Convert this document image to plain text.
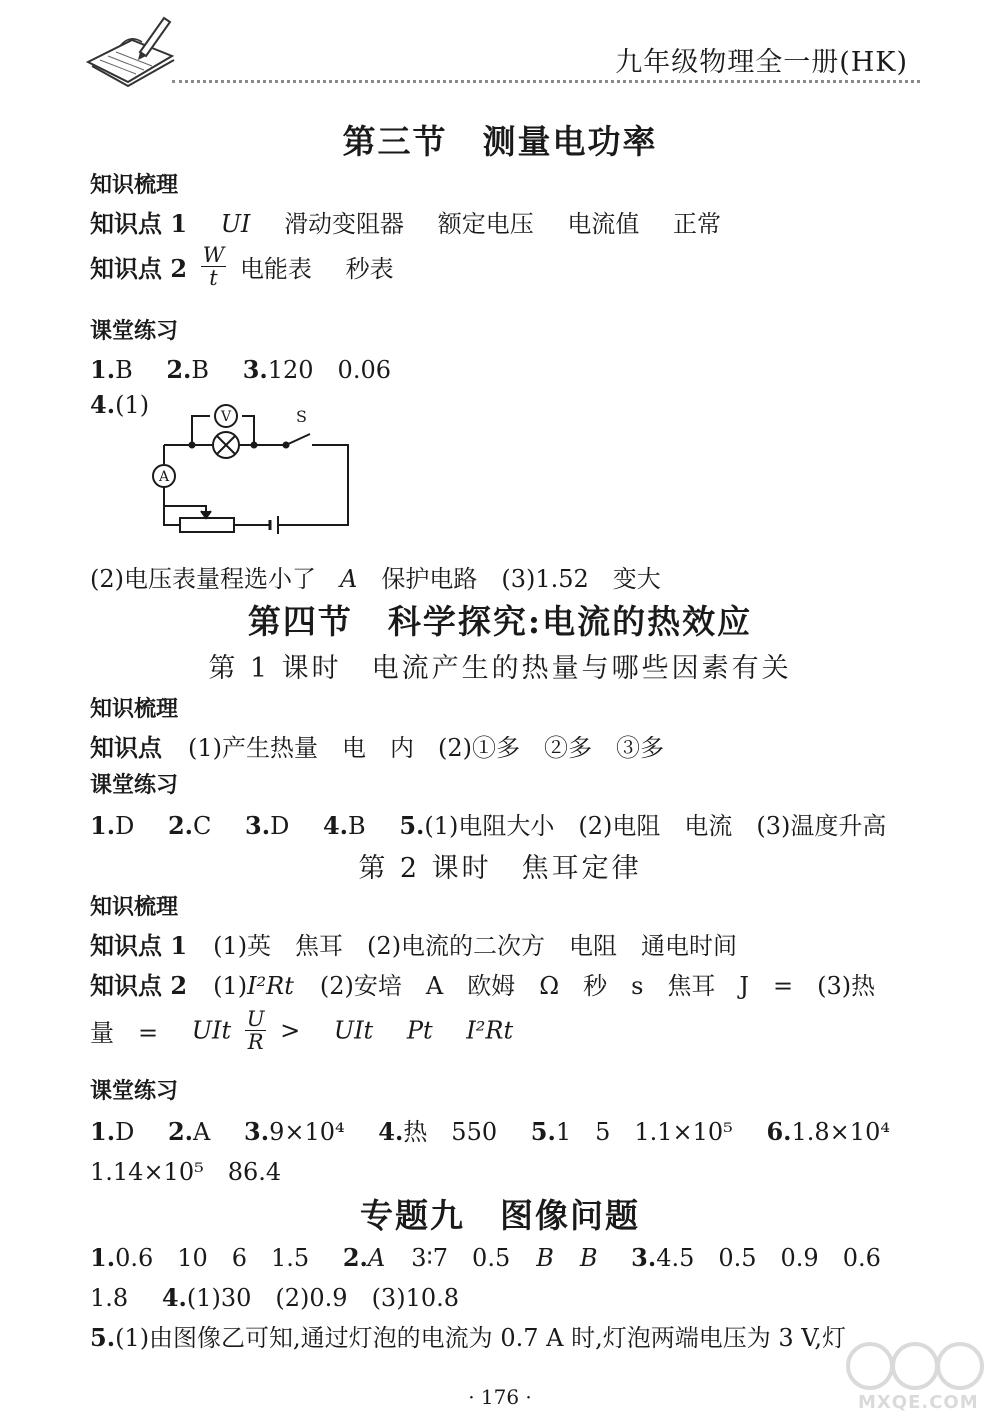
九年级物理全一册(HK)
第三节　测量电功率
知识梳理
知识点 1 UI 滑动变阻器 额定电压 电流值 正常
知识点 $2 \frac{W}{t}$ 电能表 秒表
课堂练习
1.B 2.B 3.120　0.06
4.(1)	V
A
S
(2)电压表量程选小了　A　保护电路　(3)1.52　变大
第四节　科学探究:电流的热效应
第 1 课时　电流产生的热量与哪些因素有关
知识梳理
知识点 (1)产生热量　电　内　(2)①多　②多　③多
课堂练习
1.D 2.C 3.D 4.B 5.(1)电阻大小　(2)电阻　电流　(3)温度升高
第 2 课时　焦耳定律
知识梳理
知识点 1 (1)英　焦耳　(2)电流的二次方　电阻　通电时间
知识点 2 (1)I²Rt (2)安培　A　欧姆　Ω　秒　s　焦耳　J　=　(3)热
量　= UIt $\frac{U}{R}$ > UIt Pt I²Rt
课堂练习
1.D 2.A 3.9×10⁴ 4.热　550 5.1　5　1.1×10⁵ 6.1.8×10⁴
1.14×10⁵　86.4
专题九　图像问题
1.0.6　10　6　1.5 2.A 3∶7　0.5 B B 3.4.5　0.5　0.9　0.6
1.8 4.(1)30　(2)0.9　(3)10.8
5.(1)由图像乙可知,通过灯泡的电流为 0.7 A 时,灯泡两端电压为 3 V,灯
· 176 ·	MXQE.COM
